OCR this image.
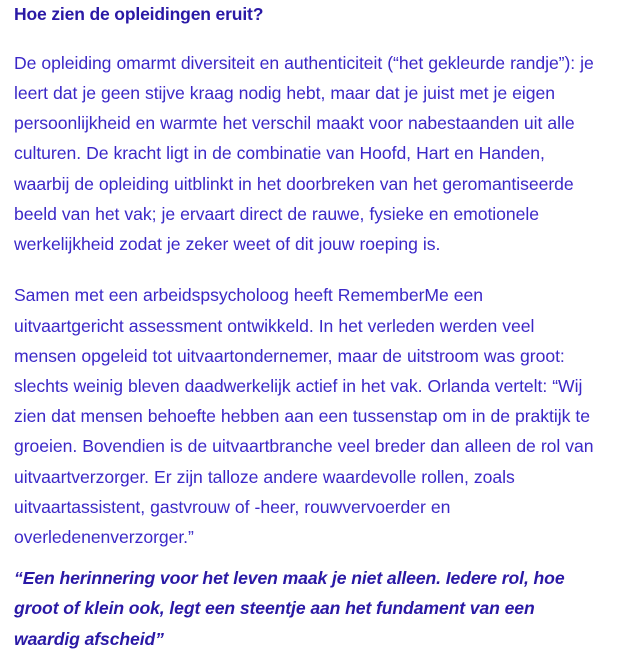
Hoe zien de opleidingen eruit?

De opleiding omarmt diversiteit en authenticiteit (“het gekleurde randje”): je leert dat je geen stijve kraag nodig hebt, maar dat je juist met je eigen persoonlijkheid en warmte het verschil maakt voor nabestaanden uit alle culturen. De kracht ligt in de combinatie van Hoofd, Hart en Handen, waarbij de opleiding uitblinkt in het doorbreken van het geromantiseerde beeld van het vak; je ervaart direct de rauwe, fysieke en emotionele werkelijkheid zodat je zeker weet of dit jouw roeping is.

Samen met een arbeidspsycholoog heeft RememberMe een uitvaartgericht assessment ontwikkeld. In het verleden werden veel mensen opgeleid tot uitvaartondernemer, maar de uitstroom was groot: slechts weinig bleven daadwerkelijk actief in het vak. Orlanda vertelt: “Wij zien dat mensen behoefte hebben aan een tussenstap om in de praktijk te groeien. Bovendien is de uitvaartbranche veel breder dan alleen de rol van uitvaartverzorger. Er zijn talloze andere waardevolle rollen, zoals uitvaartassistent, gastvrouw of -heer, rouwvervoerder en overledenenverzorger.”

“Een herinnering voor het leven maak je niet alleen. Iedere rol, hoe groot of klein ook, legt een steentje aan het fundament van een waardig afscheid”
